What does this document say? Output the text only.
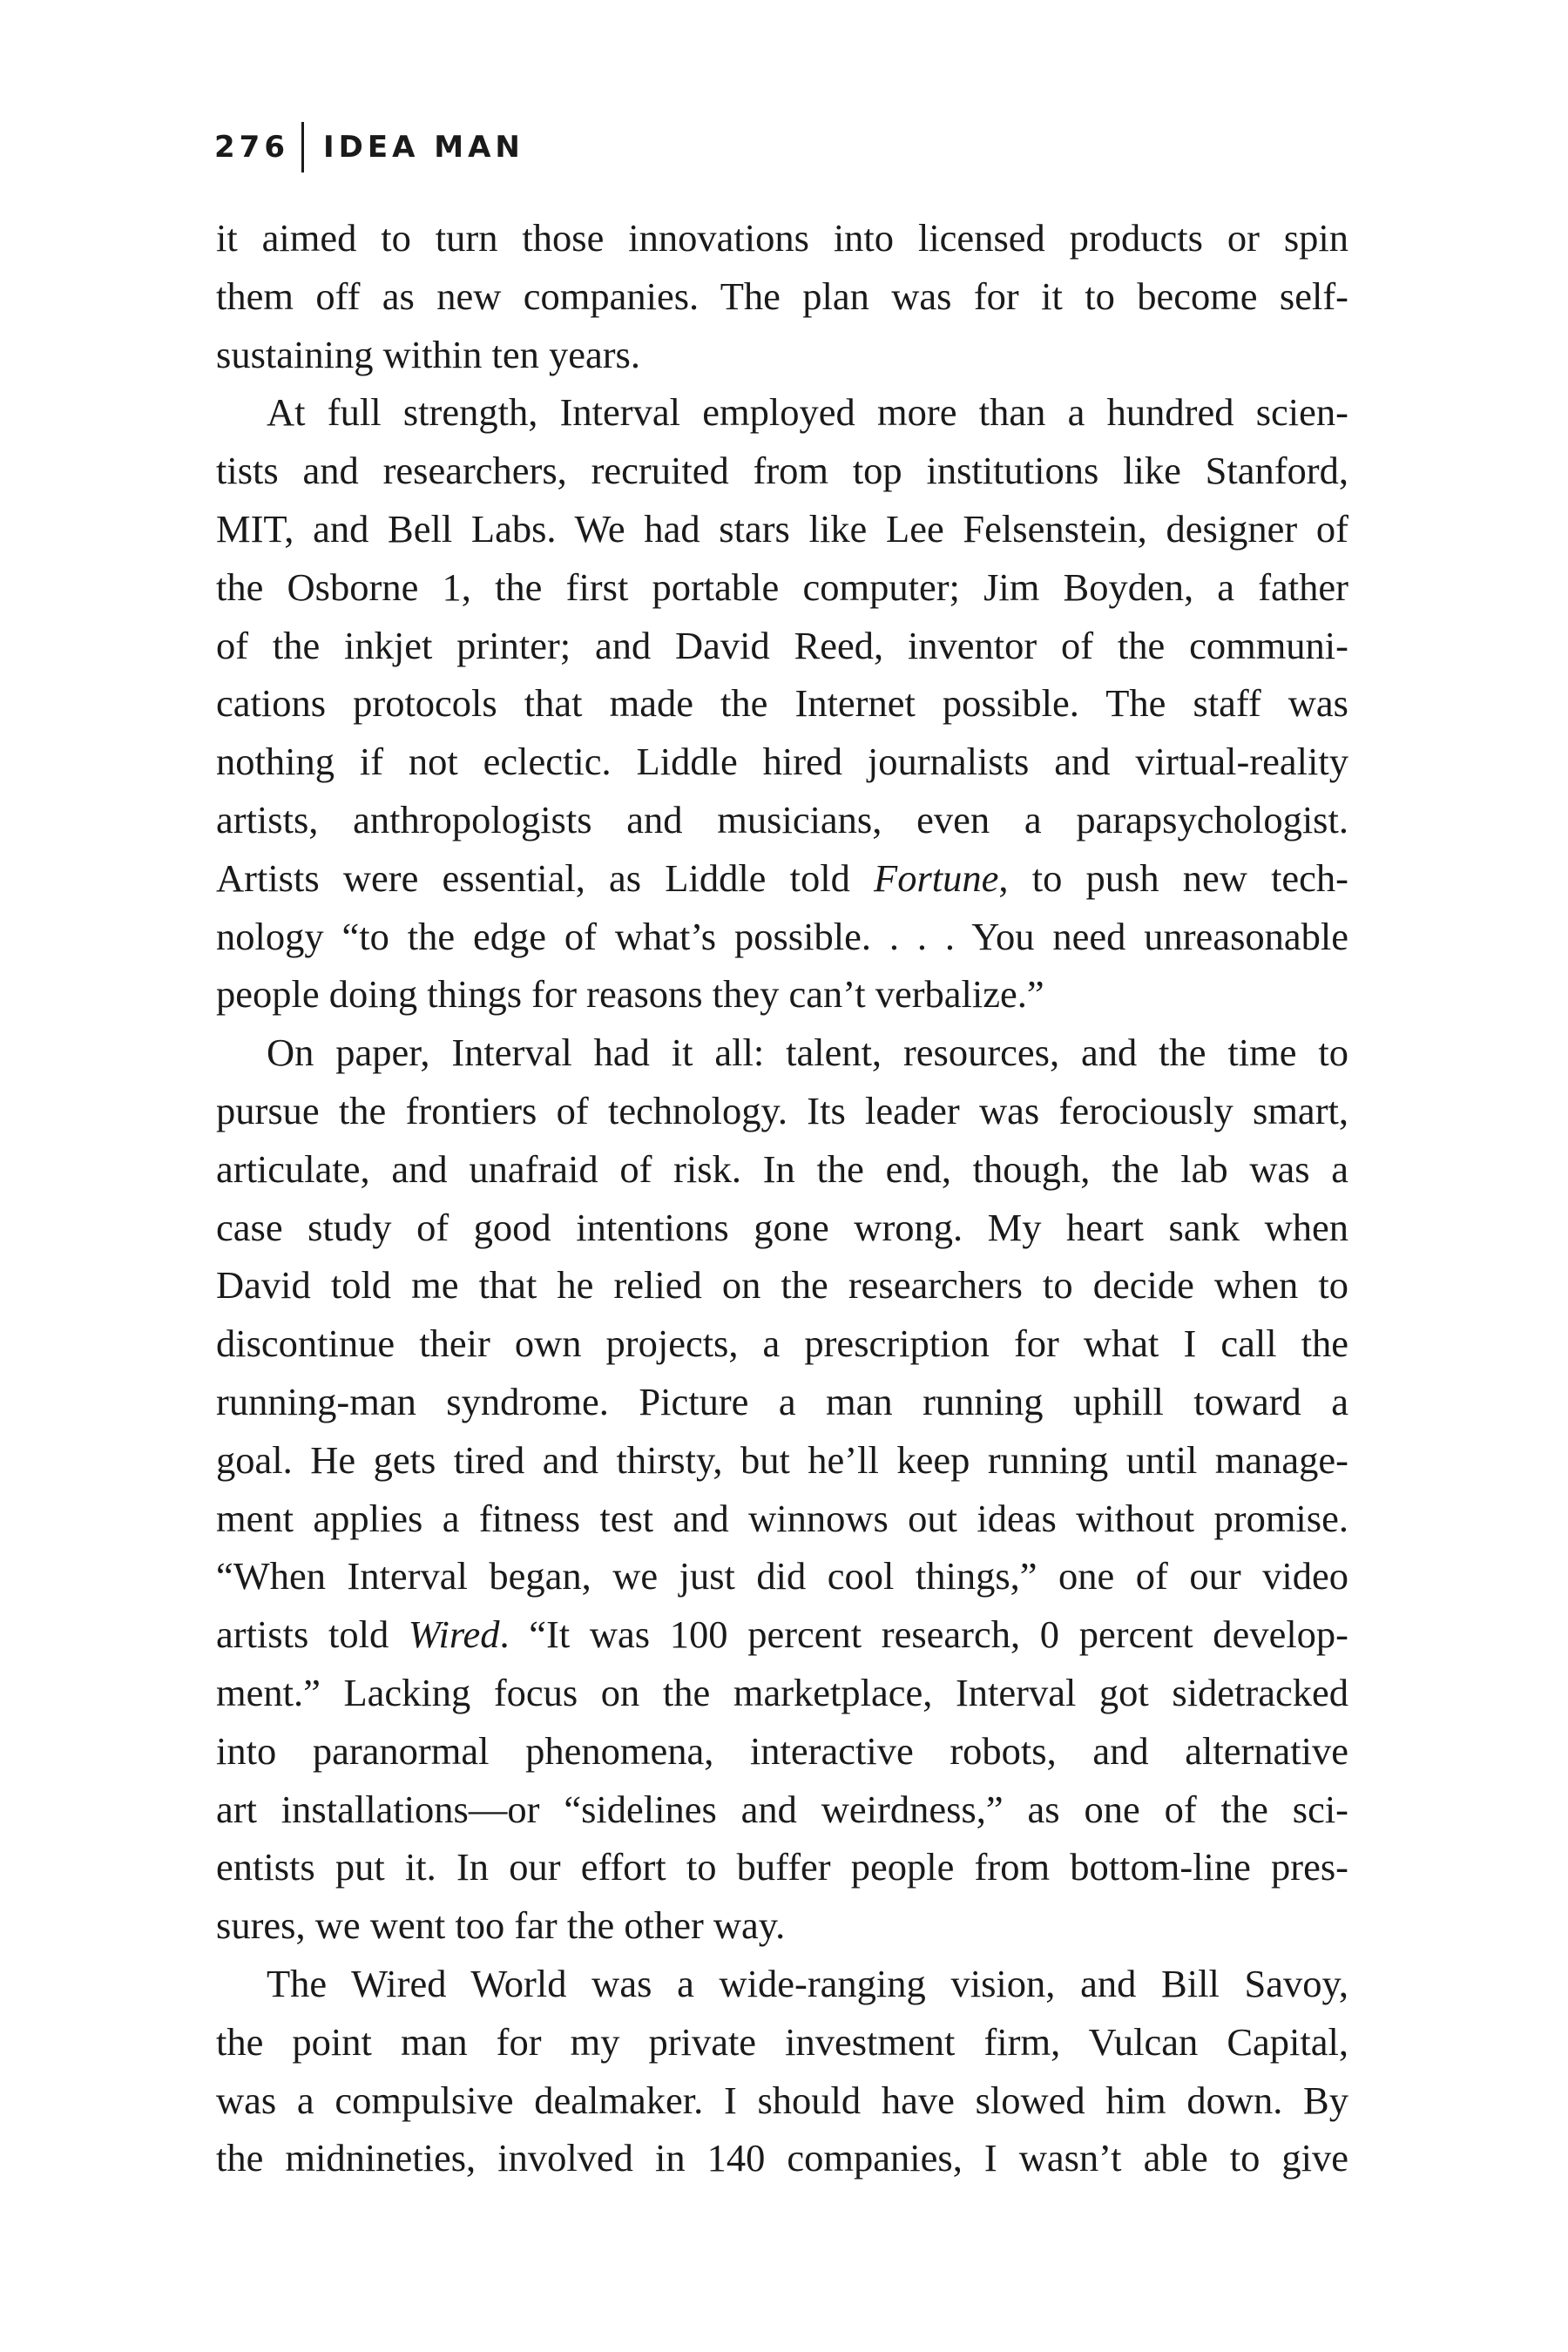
276 IDEA MAN

it aimed to turn those innovations into licensed products or spin
them off as new companies. The plan was for it to become self-
sustaining within ten years.

At full strength, Interval employed more than a hundred scien-
tists and researchers, recruited from top institutions like Stanford,
MIT, and Bell Labs. We had stars like Lee Felsenstein, designer of
the Osborne 1, the first portable computer; Jim Boyden, a father
of the inkjet printer; and David Reed, inventor of the communi-
cations protocols that made the Internet possible. The staff was
nothing if not eclectic. Liddle hired journalists and virtual-reality
artists, anthropologists and musicians, even a parapsychologist.
Artists were essential, as Liddle told Fortune, to push new tech-
nology “to the edge of what’s possible. . . . You need unreasonable
people doing things for reasons they can’t verbalize.”

On paper, Interval had it all: talent, resources, and the time to
pursue the frontiers of technology. Its leader was ferociously smart,
articulate, and unafraid of risk. In the end, though, the lab was a
case study of good intentions gone wrong. My heart sank when
David told me that he relied on the researchers to decide when to
discontinue their own projects, a prescription for what I call the
running-man syndrome. Picture a man running uphill toward a
goal. He gets tired and thirsty, but he’ll keep running until manage-
ment applies a fitness test and winnows out ideas without promise.
“When Interval began, we just did cool things,” one of our video
artists told Wired. “It was 100 percent research, 0 percent develop-
ment.” Lacking focus on the marketplace, Interval got sidetracked
into paranormal phenomena, interactive robots, and alternative
art installations—or “sidelines and weirdness,” as one of the sci-
entists put it. In our effort to buffer people from bottom-line pres-
sures, we went too far the other way.

The Wired World was a wide-ranging vision, and Bill Savoy,
the point man for my private investment firm, Vulcan Capital,
was a compulsive dealmaker. I should have slowed him down. By
the midnineties, involved in 140 companies, I wasn’t able to give
